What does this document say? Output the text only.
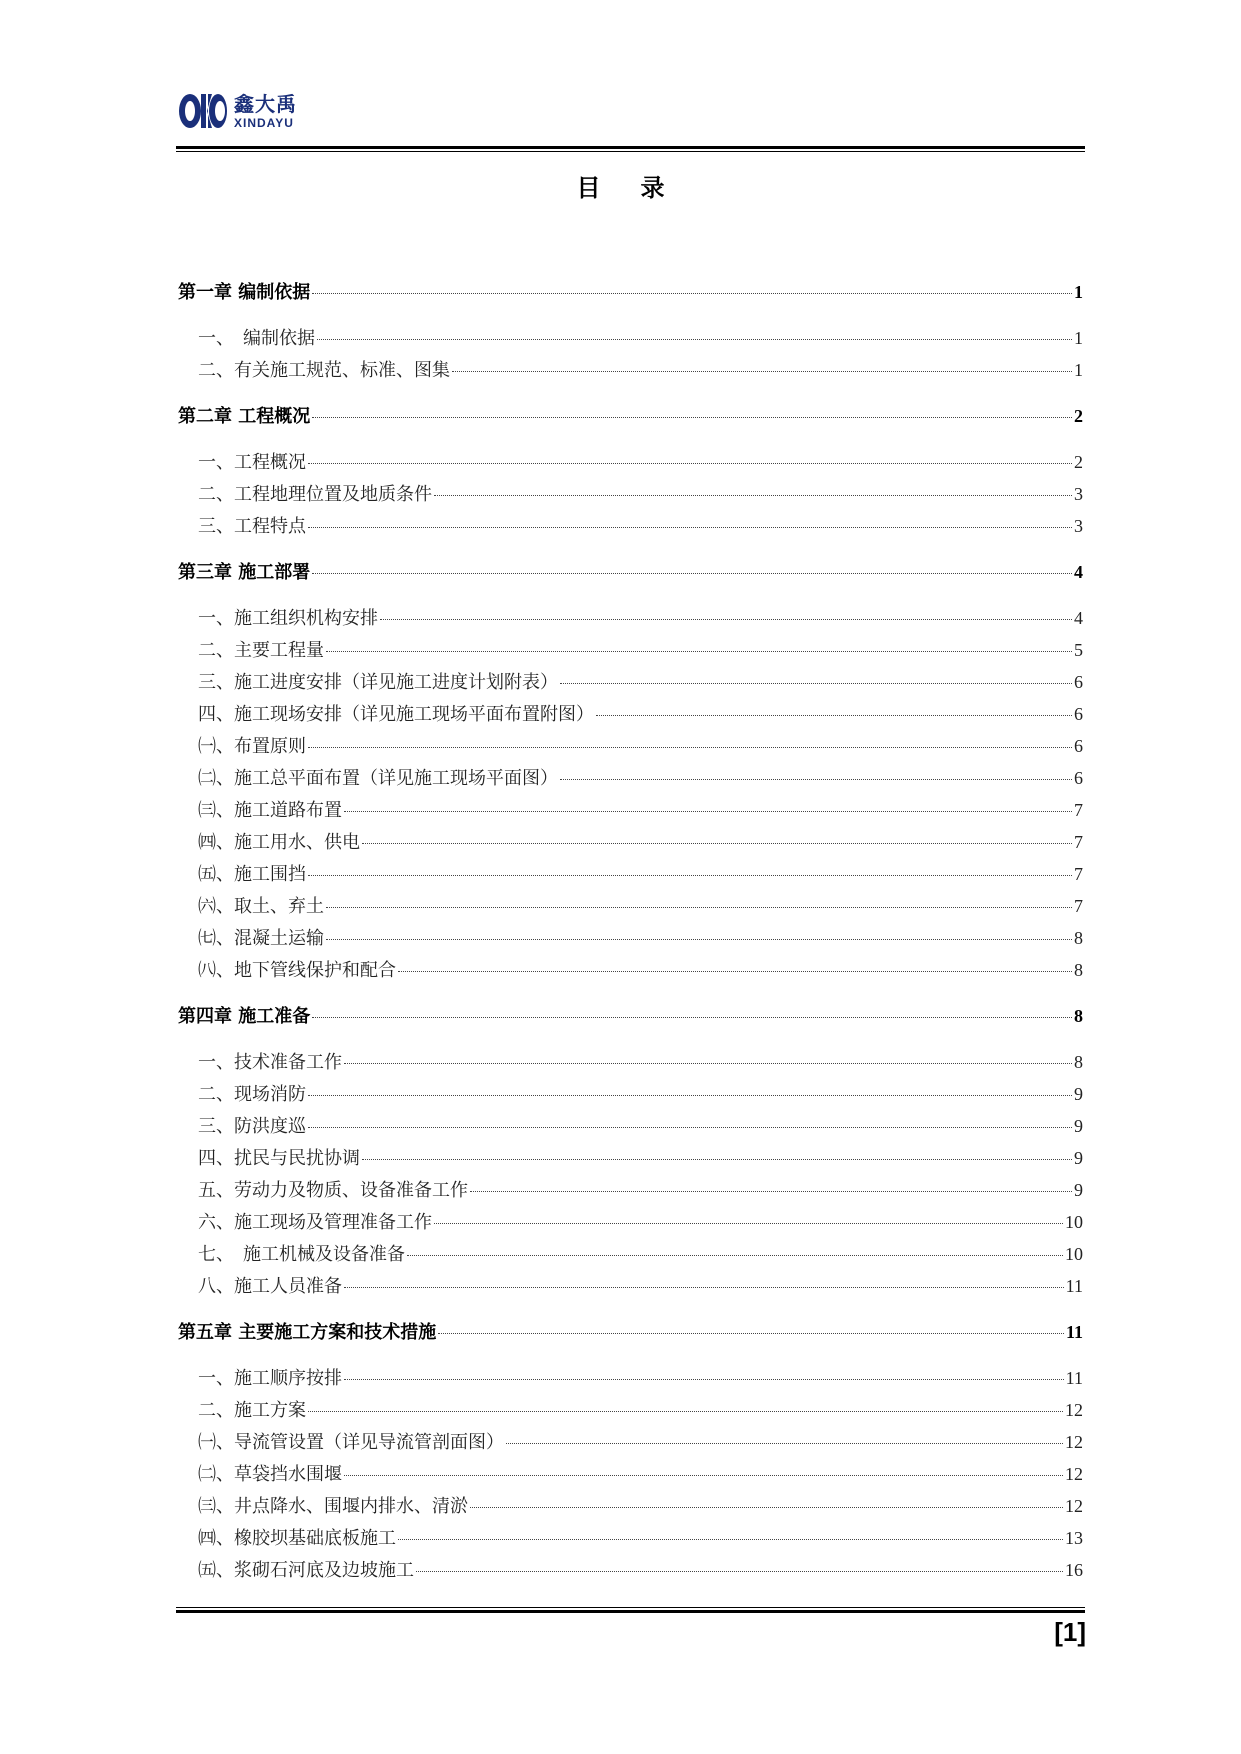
鑫大禹
XINDAYU
目录
第一章 编制依据	1
一、　编制依据	1
二、有关施工规范、标准、图集	1
第二章 工程概况	2
一、工程概况	2
二、工程地理位置及地质条件	3
三、工程特点	3
第三章 施工部署	4
一、施工组织机构安排	4
二、主要工程量	5
三、施工进度安排（详见施工进度计划附表）	6
四、施工现场安排（详见施工现场平面布置附图）	6
㈠、布置原则	6
㈡、施工总平面布置（详见施工现场平面图）	6
㈢、施工道路布置	7
㈣、施工用水、供电	7
㈤、施工围挡	7
㈥、取土、弃土	7
㈦、混凝土运输	8
㈧、地下管线保护和配合	8
第四章 施工准备	8
一、技术准备工作	8
二、现场消防	9
三、防洪度巡	9
四、扰民与民扰协调	9
五、劳动力及物质、设备准备工作	9
六、施工现场及管理准备工作	10
七、　施工机械及设备准备	10
八、施工人员准备	11
第五章 主要施工方案和技术措施	11
一、施工顺序按排	11
二、施工方案	12
㈠、导流管设置（详见导流管剖面图）	12
㈡、草袋挡水围堰	12
㈢、井点降水、围堰内排水、清淤	12
㈣、橡胶坝基础底板施工	13
㈤、浆砌石河底及边坡施工	16
[1]
